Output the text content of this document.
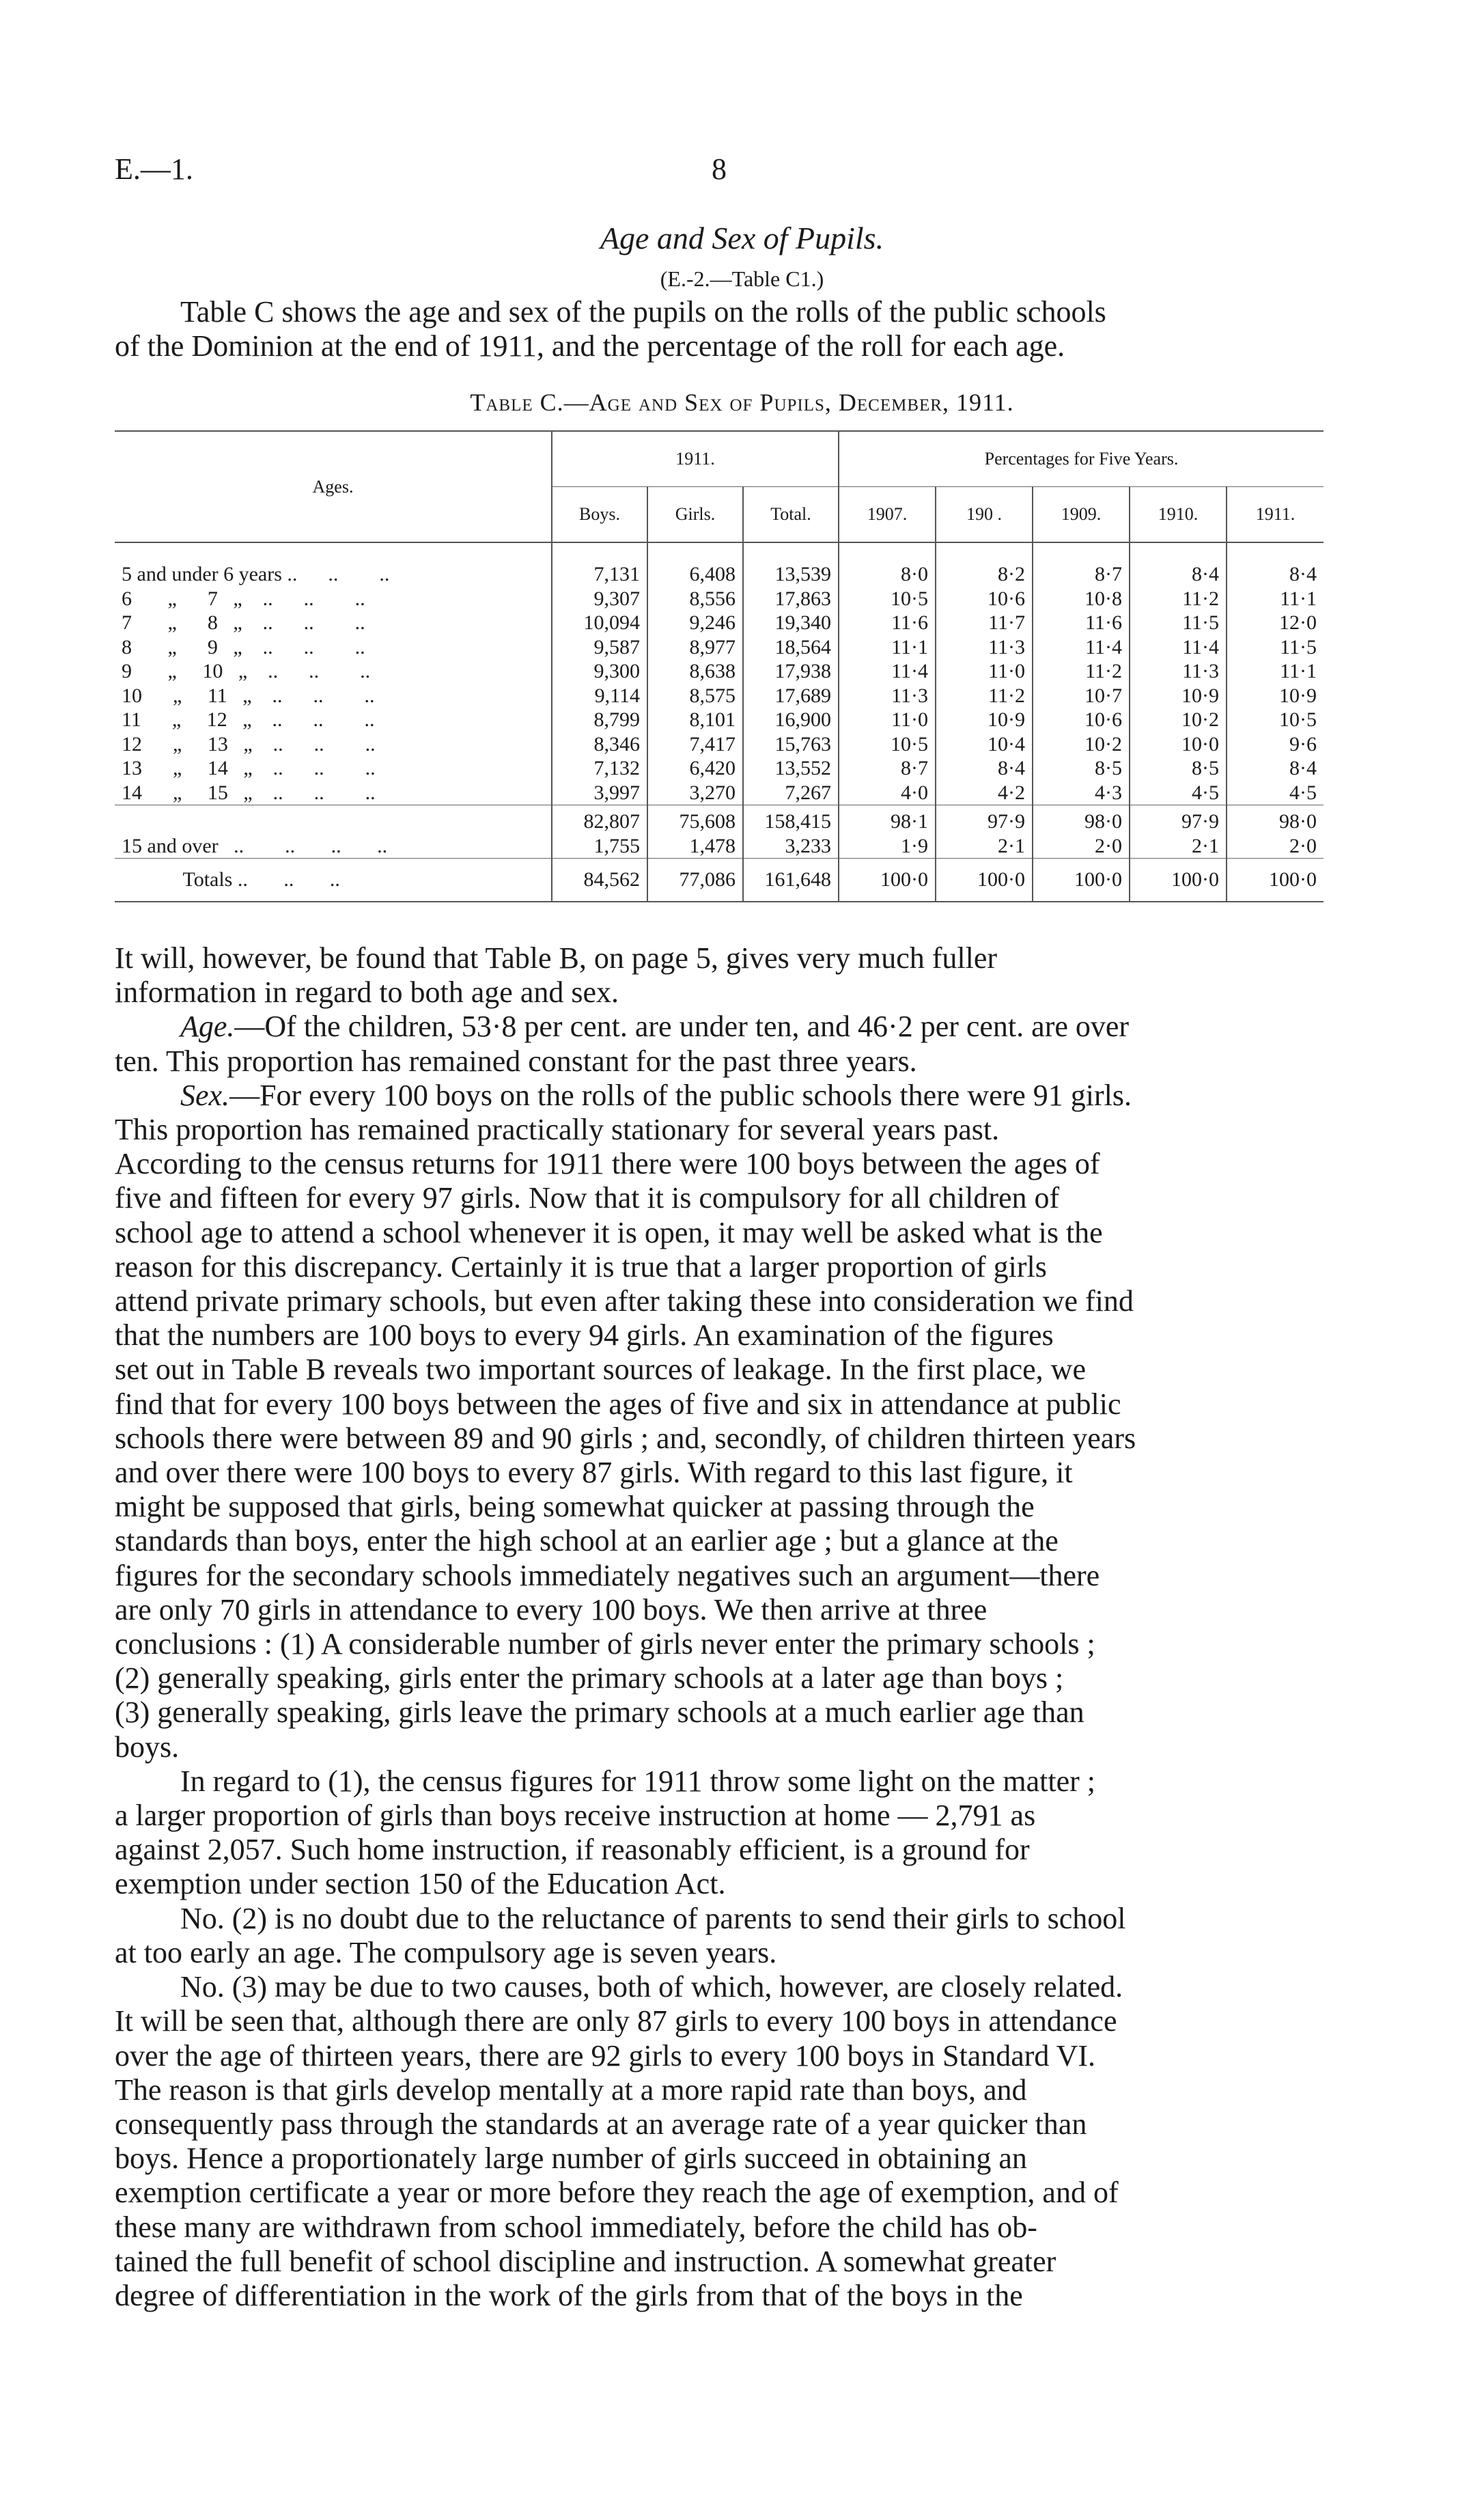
E.—1.	8
Age and Sex of Pupils.
(E.-2.—Table C1.)
Table C shows the age and sex of the pupils on the rolls of the public schools
of the Dominion at the end of 1911, and the percentage of the roll for each age.
Table C.—Age and Sex of Pupils, December, 1911.
Ages.	1911.			Percentages for Five Years.				
	Boys.	Girls.	Total.	1907.	190 .	1909.	1910.	1911.
5 and under 6 years ..      ..        ..	7,131	6,408	13,539	8·0	8·2	8·7	8·4	8·4
6       „      7   „    ..      ..        ..	9,307	8,556	17,863	10·5	10·6	10·8	11·2	11·1
7       „      8   „    ..      ..        ..	10,094	9,246	19,340	11·6	11·7	11·6	11·5	12·0
8       „      9   „    ..      ..        ..	9,587	8,977	18,564	11·1	11·3	11·4	11·4	11·5
9       „     10   „    ..      ..        ..	9,300	8,638	17,938	11·4	11·0	11·2	11·3	11·1
10      „     11   „    ..      ..        ..	9,114	8,575	17,689	11·3	11·2	10·7	10·9	10·9
11      „     12   „    ..      ..        ..	8,799	8,101	16,900	11·0	10·9	10·6	10·2	10·5
12      „     13   „    ..      ..        ..	8,346	7,417	15,763	10·5	10·4	10·2	10·0	9·6
13      „     14   „    ..      ..        ..	7,132	6,420	13,552	8·7	8·4	8·5	8·5	8·4
14      „     15   „    ..      ..        ..	3,997	3,270	7,267	4·0	4·2	4·3	4·5	4·5
	82,807	75,608	158,415	98·1	97·9	98·0	97·9	98·0
15 and over   ..        ..       ..       ..	1,755	1,478	3,233	1·9	2·1	2·0	2·1	2·0
Totals ..       ..       ..	84,562	77,086	161,648	100·0	100·0	100·0	100·0	100·0
It will, however, be found that Table B, on page 5, gives very much fuller
information in regard to both age and sex.
Age.—Of the children, 53·8 per cent. are under ten, and 46·2 per cent. are over
ten. This proportion has remained constant for the past three years.
Sex.—For every 100 boys on the rolls of the public schools there were 91 girls.
This proportion has remained practically stationary for several years past.
According to the census returns for 1911 there were 100 boys between the ages of
five and fifteen for every 97 girls. Now that it is compulsory for all children of
school age to attend a school whenever it is open, it may well be asked what is the
reason for this discrepancy. Certainly it is true that a larger proportion of girls
attend private primary schools, but even after taking these into consideration we find
that the numbers are 100 boys to every 94 girls. An examination of the figures
set out in Table B reveals two important sources of leakage. In the first place, we
find that for every 100 boys between the ages of five and six in attendance at public
schools there were between 89 and 90 girls ; and, secondly, of children thirteen years
and over there were 100 boys to every 87 girls. With regard to this last figure, it
might be supposed that girls, being somewhat quicker at passing through the
standards than boys, enter the high school at an earlier age ; but a glance at the
figures for the secondary schools immediately negatives such an argument—there
are only 70 girls in attendance to every 100 boys. We then arrive at three
conclusions : (1) A considerable number of girls never enter the primary schools ;
(2) generally speaking, girls enter the primary schools at a later age than boys ;
(3) generally speaking, girls leave the primary schools at a much earlier age than
boys.
In regard to (1), the census figures for 1911 throw some light on the matter ;
a larger proportion of girls than boys receive instruction at home — 2,791 as
against 2,057. Such home instruction, if reasonably efficient, is a ground for
exemption under section 150 of the Education Act.
No. (2) is no doubt due to the reluctance of parents to send their girls to school
at too early an age. The compulsory age is seven years.
No. (3) may be due to two causes, both of which, however, are closely related.
It will be seen that, although there are only 87 girls to every 100 boys in attendance
over the age of thirteen years, there are 92 girls to every 100 boys in Standard VI.
The reason is that girls develop mentally at a more rapid rate than boys, and
consequently pass through the standards at an average rate of a year quicker than
boys. Hence a proportionately large number of girls succeed in obtaining an
exemption certificate a year or more before they reach the age of exemption, and of
these many are withdrawn from school immediately, before the child has ob-
tained the full benefit of school discipline and instruction. A somewhat greater
degree of differentiation in the work of the girls from that of the boys in the
